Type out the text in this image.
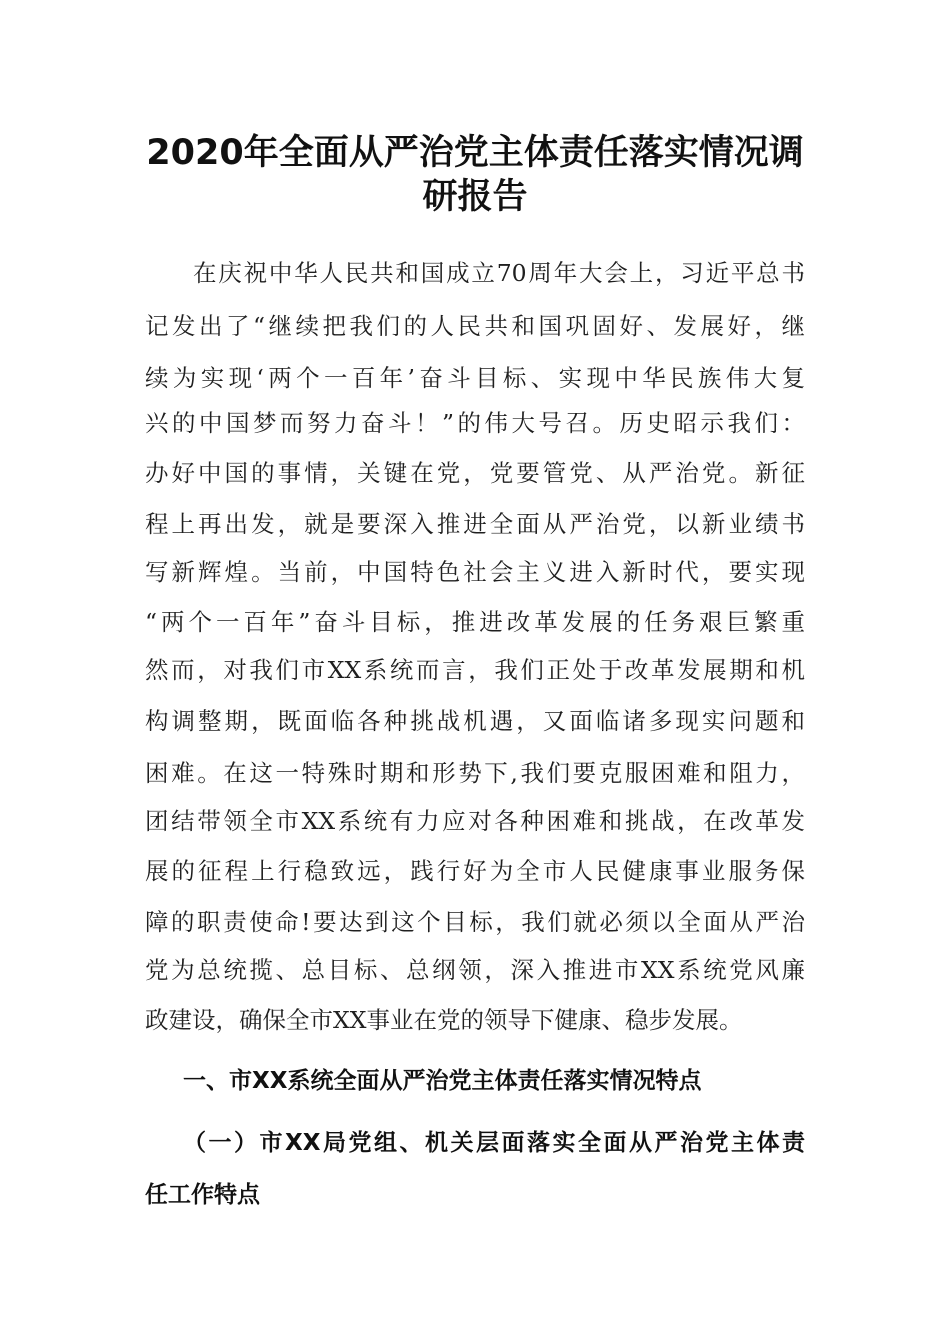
2020年全面从严治党主体责任落实情况调
研报告
在庆祝中华人民共和国成立70周年大会上，习近平总书
记发出了“继续把我们的人民共和国巩固好、发展好，继
续为实现‘两个一百年’奋斗目标、实现中华民族伟大复
兴的中国梦而努力奋斗！”的伟大号召。历史昭示我们：
办好中国的事情，关键在党，党要管党、从严治党。新征
程上再出发，就是要深入推进全面从严治党，以新业绩书
写新辉煌。当前，中国特色社会主义进入新时代，要实现
“两个一百年”奋斗目标，推进改革发展的任务艰巨繁重
然而，对我们市XX系统而言，我们正处于改革发展期和机
构调整期，既面临各种挑战机遇，又面临诸多现实问题和
困难。在这一特殊时期和形势下,我们要克服困难和阻力，
团结带领全市XX系统有力应对各种困难和挑战，在改革发
展的征程上行稳致远，践行好为全市人民健康事业服务保
障的职责使命!要达到这个目标，我们就必须以全面从严治
党为总统揽、总目标、总纲领，深入推进市XX系统党风廉
政建设，确保全市XX事业在党的领导下健康、稳步发展。
一、市XX系统全面从严治党主体责任落实情况特点
（一）市XX局党组、机关层面落实全面从严治党主体责
任工作特点
